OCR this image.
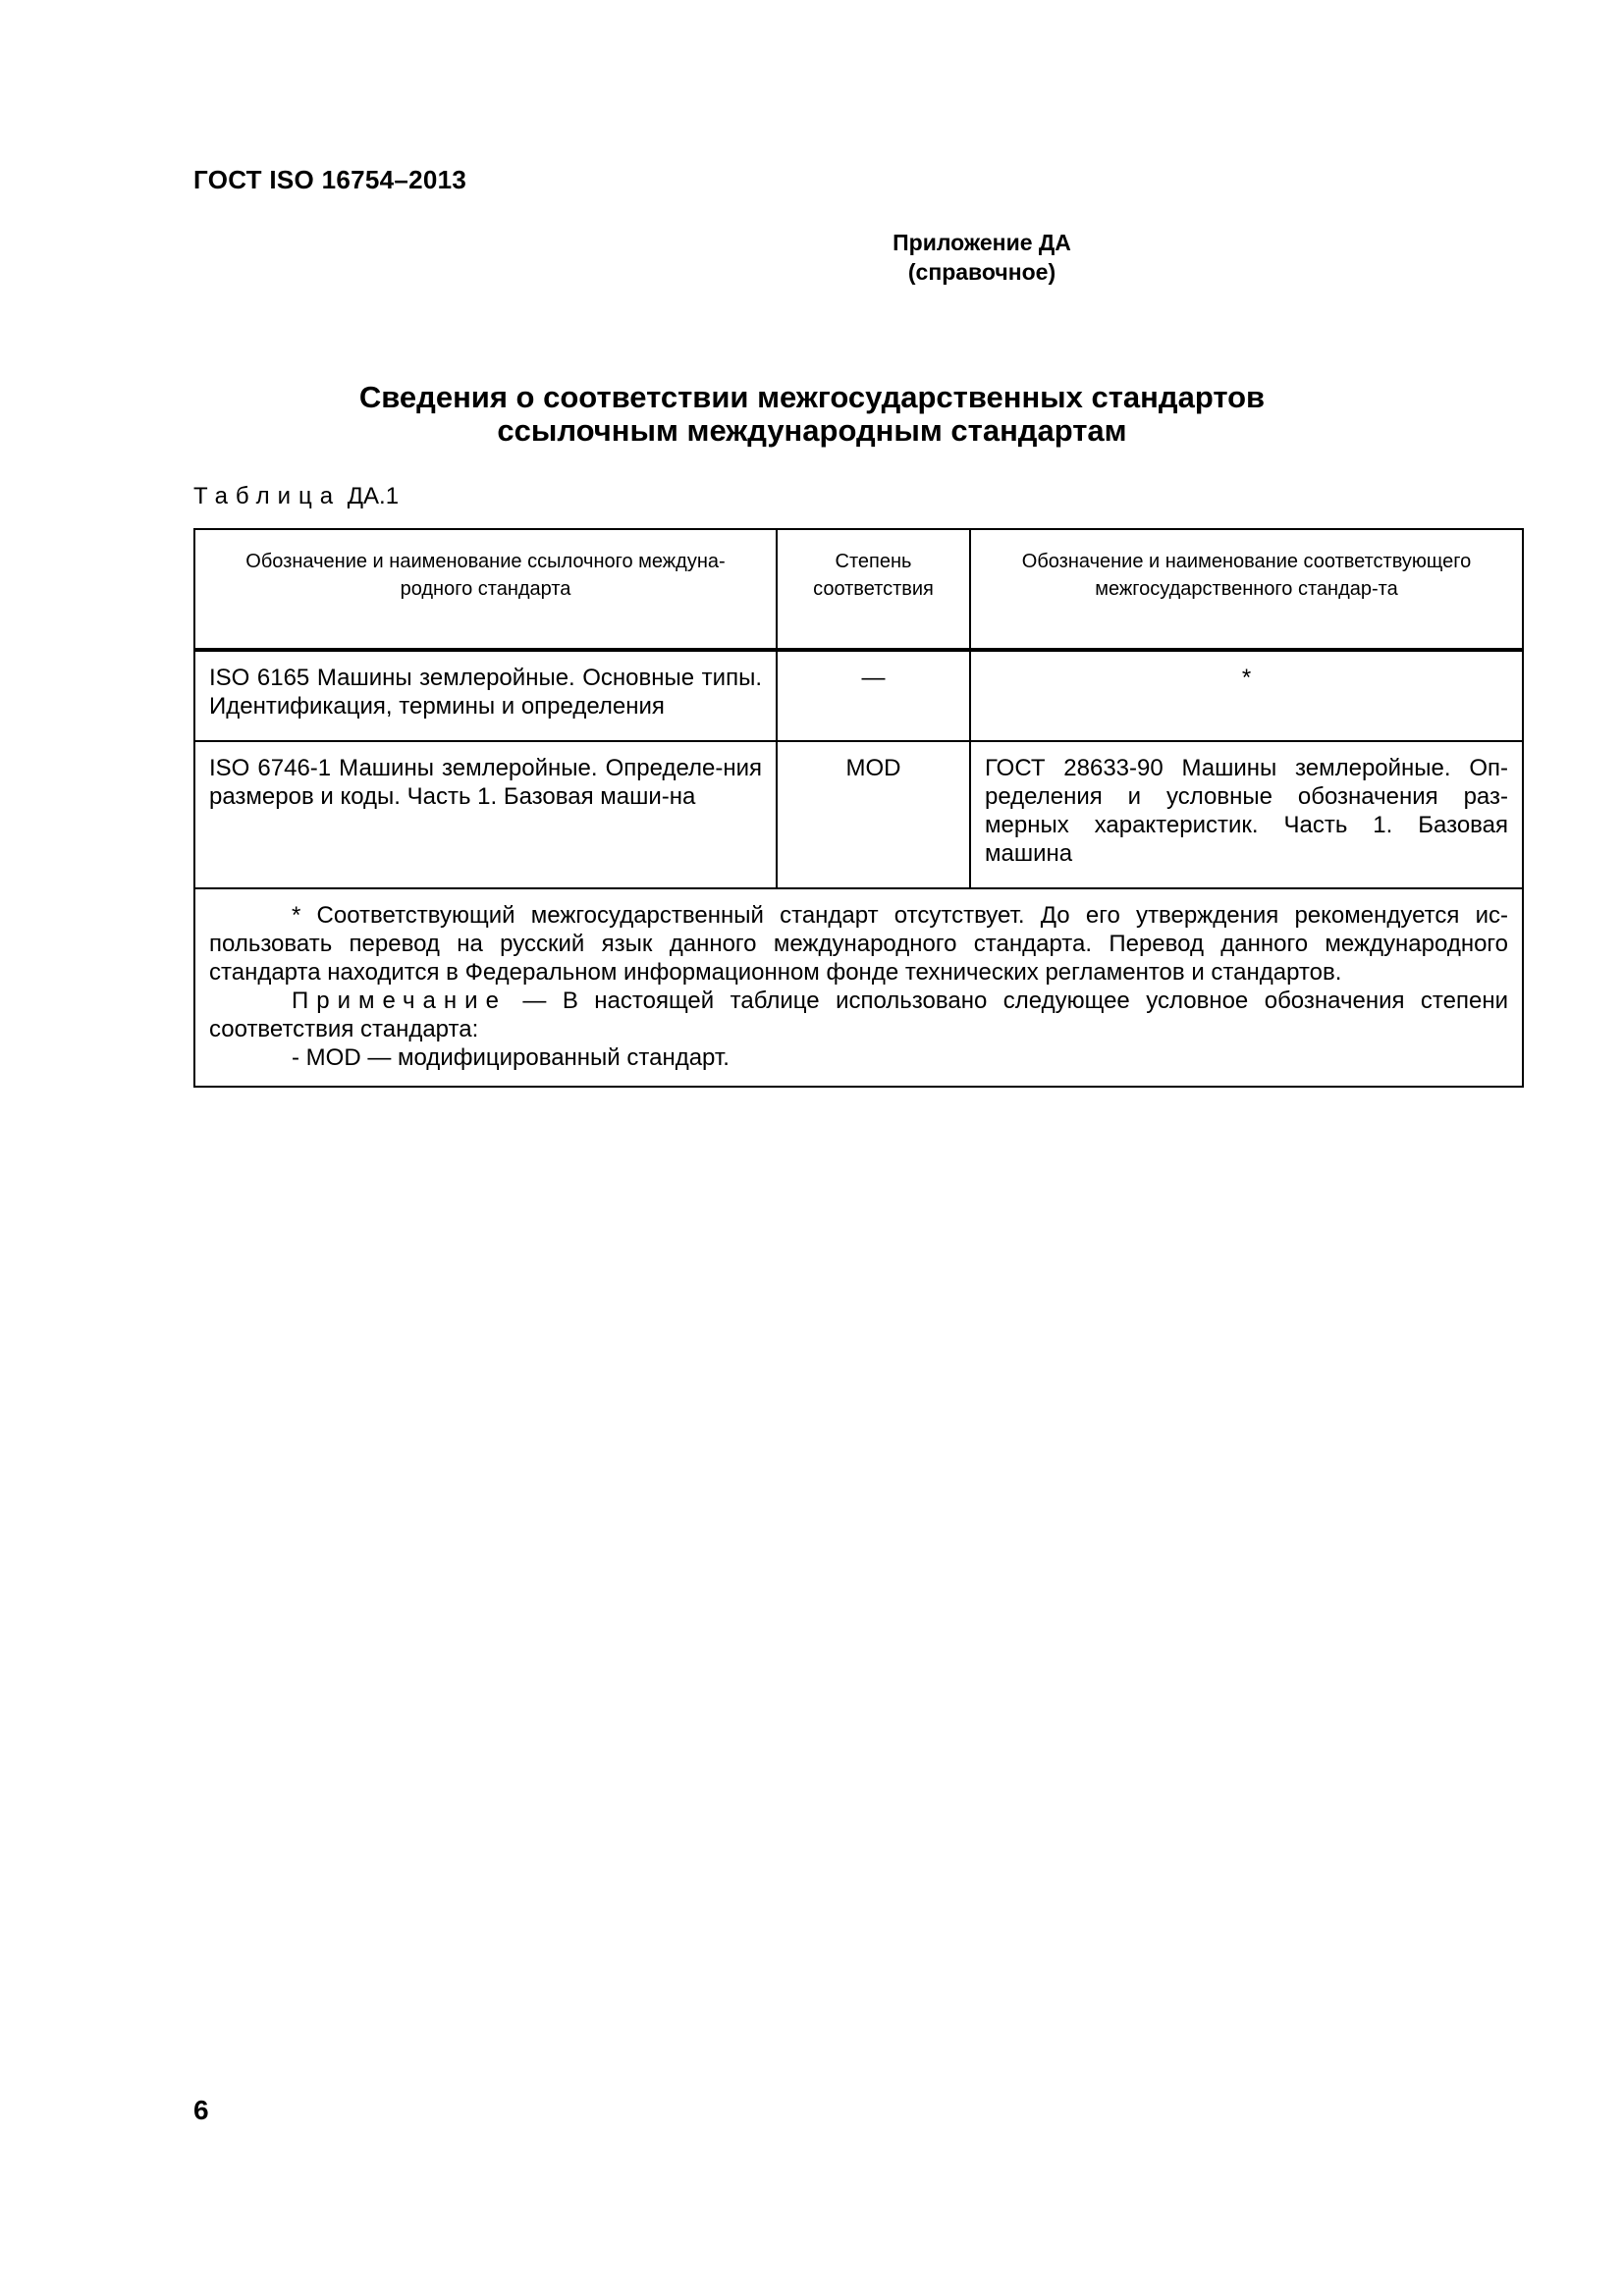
ГОСТ ISO 16754–2013
Приложение ДА
(справочное)
Сведения о соответствии межгосударственных стандартов
ссылочным международным стандартам
Таблица ДА.1
Обозначение и наименование ссылочного междуна-родного стандарта	Степень соответствия	Обозначение и наименование соответствующего межгосударственного стандар-та
ISO 6165 Машины землеройные. Основные типы. Идентификация, термины и определения	—	*
ISO 6746-1 Машины землеройные. Определе-ния размеров и коды. Часть 1. Базовая маши-на	MOD	ГОСТ 28633-90 Машины землеройные. Оп-ределения и условные обозначения раз-мерных характеристик. Часть 1. Базовая машина

* Соответствующий межгосударственный стандарт отсутствует. До его утверждения рекомендуется ис-пользовать перевод на русский язык данного международного стандарта. Перевод данного международного стандарта находится в Федеральном информационном фонде технических регламентов и стандартов.

Примечание — В настоящей таблице использовано следующее условное обозначения степени соответствия стандарта:

- MOD — модифицированный стандарт.		

6
